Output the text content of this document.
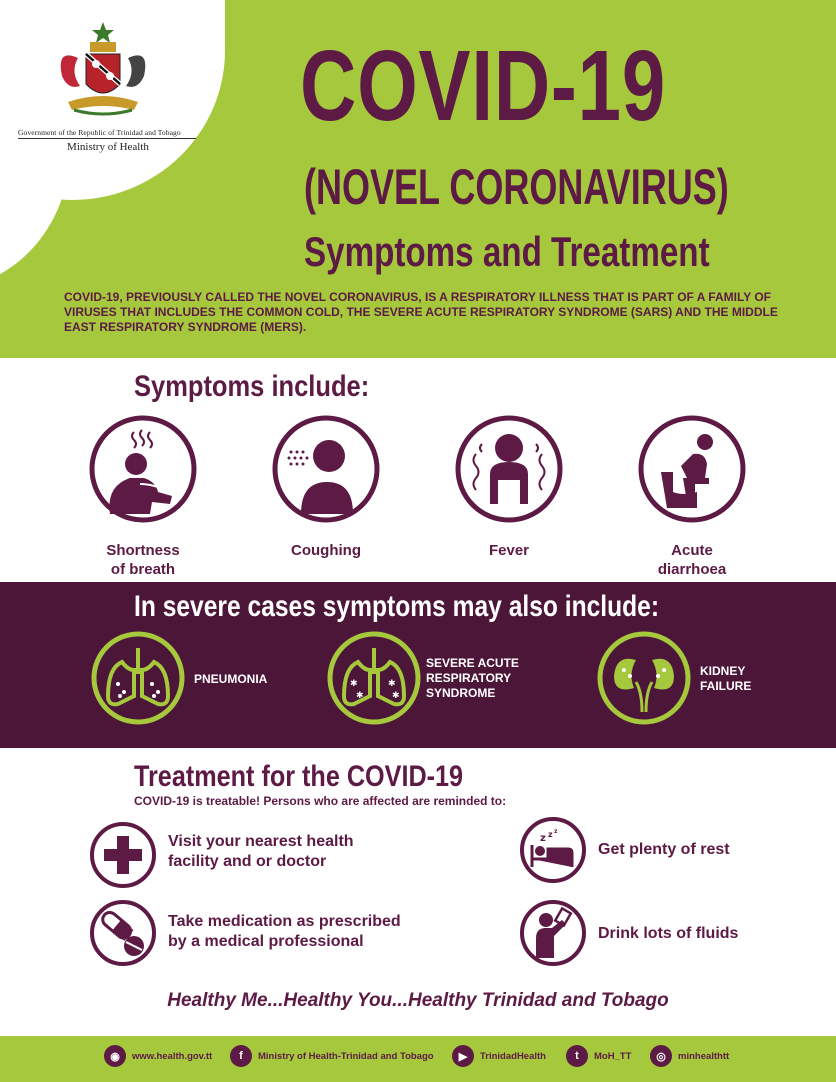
Government of the Republic of Trinidad and Tobago
Ministry of Health
COVID-19
(NOVEL CORONAVIRUS)
Symptoms and Treatment
COVID-19, PREVIOUSLY CALLED THE NOVEL CORONAVIRUS, IS A RESPIRATORY ILLNESS THAT IS PART OF A FAMILY OF VIRUSES THAT INCLUDES THE COMMON COLD, THE SEVERE ACUTE RESPIRATORY SYNDROME (SARS) AND THE MIDDLE EAST RESPIRATORY SYNDROME (MERS).
Symptoms include:
Shortness
of breath
Coughing	Fever	Acute
diarrhoea
In severe cases symptoms may also include:
PNEUMONIA	✱
✱
✱
✱
SEVERE ACUTE
RESPIRATORY
SYNDROME
KIDNEY
FAILURE
Treatment for the COVID-19
COVID-19 is treatable! Persons who are affected are reminded to:
Visit your nearest health
facility and or doctor
z z z
Get plenty of rest
Take medication as prescribed
by a medical professional	Drink lots of fluids
Healthy Me...Healthy You...Healthy Trinidad and Tobago
◉	www.health.gov.tt	f	Ministry of Health-Trinidad and Tobago	▶	TrinidadHealth	t	MoH_TT	◎	minhealthtt
